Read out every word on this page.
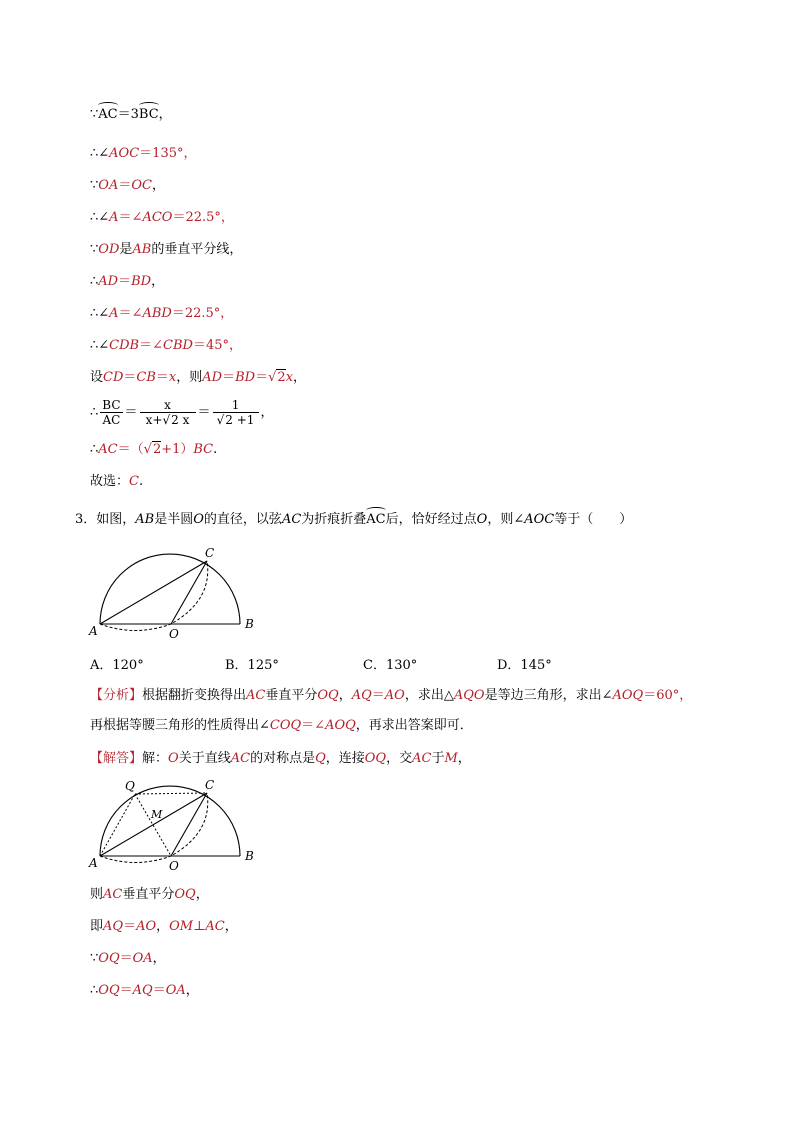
∵AC＝3BC，
∴∠AOC＝135°，
∵OA＝OC，
∴∠A＝∠ACO＝22.5°，
∵OD是AB的垂直平分线，
∴AD＝BD，
∴∠A＝∠ABD＝22.5°，
∴∠CDB＝∠CBD＝45°，
设CD＝CB＝x，则AD＝BD＝√2x，
∴ $\frac{BC}{AC} = \frac{x}{x+√2 x} = \frac{1}{√2 +1}$ ，
∴AC＝（√2+1）BC.
故选：C.
3．如图，AB是半圆O的直径，以弦AC为折痕折叠AC后，恰好经过点O，则∠AOC等于（　　）
A	B
C
O
A．120°	B．125°	C．130°	D．145°
【分析】根据翻折变换得出AC垂直平分OQ，AQ＝AO，求出△AQO是等边三角形，求出∠AOQ＝60°，
再根据等腰三角形的性质得出∠COQ＝∠AOQ，再求出答案即可．
【解答】解：O关于直线AC的对称点是Q，连接OQ，交AC于M，
A	B
C
O
Q
M
则AC垂直平分OQ，
即AQ＝AO，OM⊥AC，
∵OQ＝OA，
∴OQ＝AQ＝OA，
